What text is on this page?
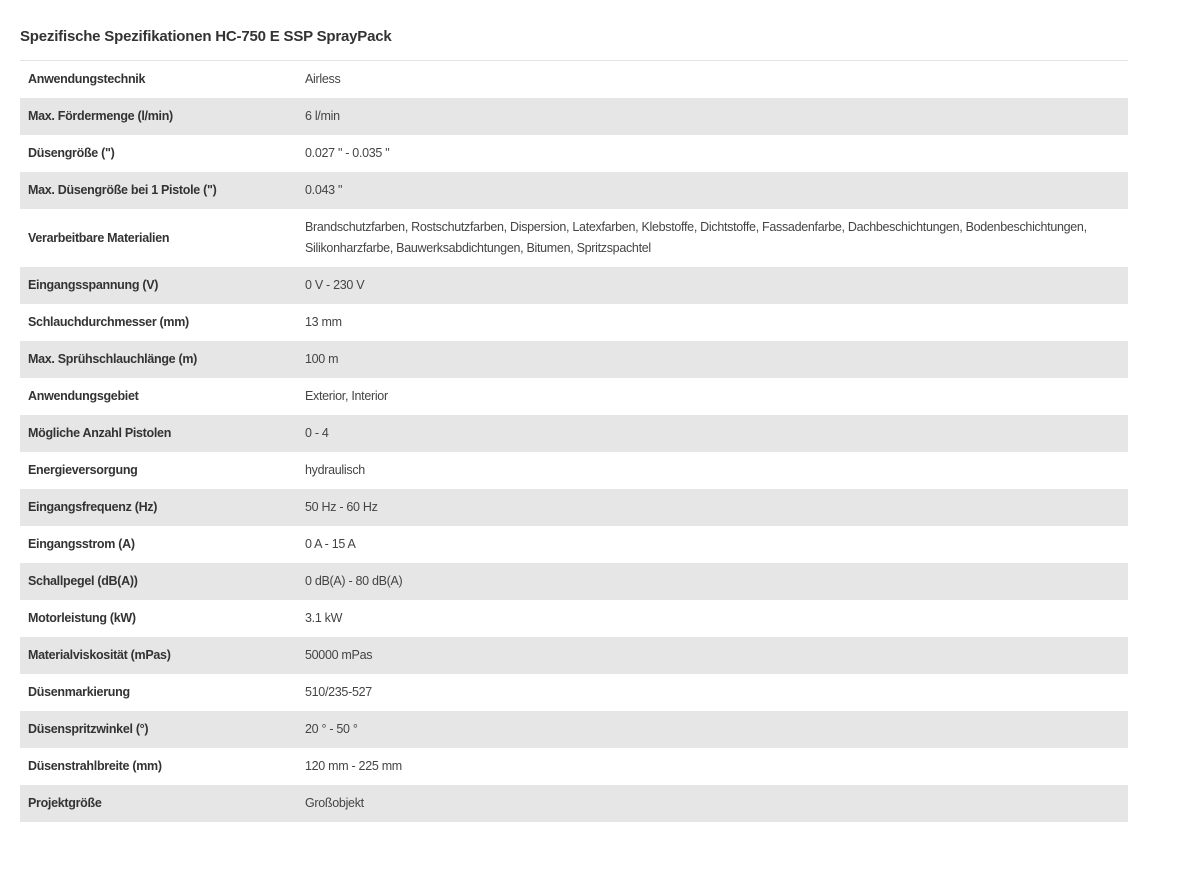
Spezifische Spezifikationen HC-750 E SSP SprayPack
Anwendungstechnik	Airless
Max. Fördermenge (l/min)	6 l/min
Düsengröße (")	0.027 " - 0.035 "
Max. Düsengröße bei 1 Pistole (")	0.043 "
Verarbeitbare Materialien	Brandschutzfarben, Rostschutzfarben, Dispersion, Latexfarben, Klebstoffe, Dichtstoffe, Fassadenfarbe, Dachbeschichtungen, Bodenbeschichtungen, Silikonharzfarbe, Bauwerksabdichtungen, Bitumen, Spritzspachtel
Eingangsspannung (V)	0 V - 230 V
Schlauchdurchmesser (mm)	13 mm
Max. Sprühschlauchlänge (m)	100 m
Anwendungsgebiet	Exterior, Interior
Mögliche Anzahl Pistolen	0 - 4
Energieversorgung	hydraulisch
Eingangsfrequenz (Hz)	50 Hz - 60 Hz
Eingangsstrom (A)	0 A - 15 A
Schallpegel (dB(A))	0 dB(A) - 80 dB(A)
Motorleistung (kW)	3.1 kW
Materialviskosität (mPas)	50000 mPas
Düsenmarkierung	510/235-527
Düsenspritzwinkel (°)	20 ° - 50 °
Düsenstrahlbreite (mm)	120 mm - 225 mm
Projektgröße	Großobjekt
